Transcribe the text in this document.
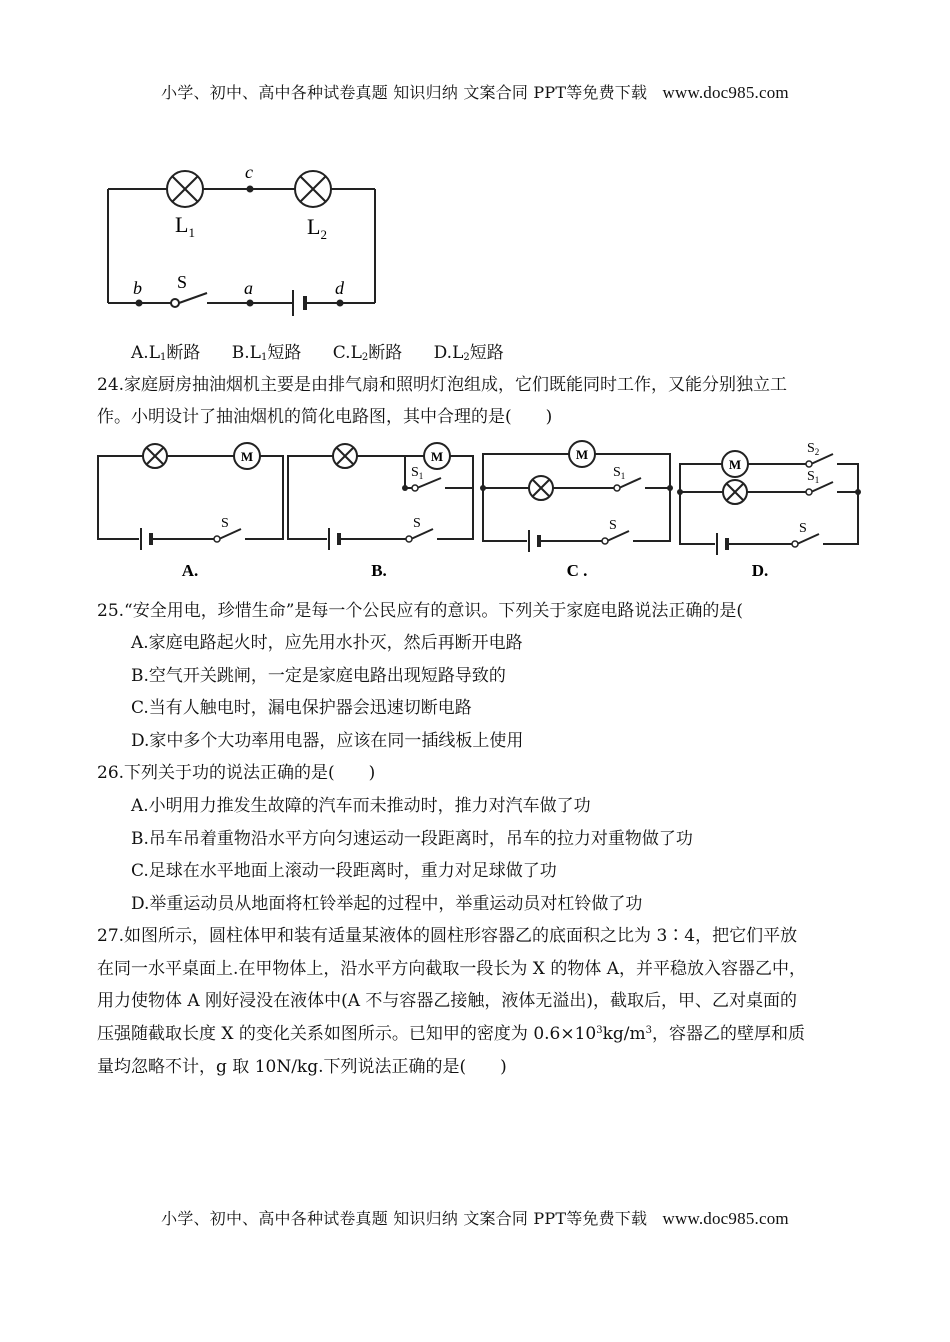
小学、初中、高中各种试卷真题 知识归纳 文案合同 PPT等免费下载 www.doc985.com
$L_1$	$L_2$
c
b	a	d
S
$A.L_1$断路 $B.L_1$短路 $C.L_2$断路 $D.L_2$短路
24.家庭厨房抽油烟机主要是由排气扇和照明灯泡组成，它们既能同时工作，又能分别独立工
作。小明设计了抽油烟机的简化电路图，其中合理的是(　　)
M	M	M
M
S	S	S	S
$S_1$	$S_1$	$S_1$
$S_2$
A.	B.	C .	D.
25.“安全用电，珍惜生命”是每一个公民应有的意识。下列关于家庭电路说法正确的是(
A.家庭电路起火时，应先用水扑灭，然后再断开电路
B.空气开关跳闸，一定是家庭电路出现短路导致的
C.当有人触电时，漏电保护器会迅速切断电路
D.家中多个大功率用电器，应该在同一插线板上使用
26.下列关于功的说法正确的是(　　)
A.小明用力推发生故障的汽车而未推动时，推力对汽车做了功
B.吊车吊着重物沿水平方向匀速运动一段距离时，吊车的拉力对重物做了功
C.足球在水平地面上滚动一段距离时，重力对足球做了功
D.举重运动员从地面将杠铃举起的过程中，举重运动员对杠铃做了功
27.如图所示，圆柱体甲和装有适量某液体的圆柱形容器乙的底面积之比为 3∶4，把它们平放
在同一水平桌面上.在甲物体上，沿水平方向截取一段长为 X 的物体 A，并平稳放入容器乙中，
用力使物体 A 刚好浸没在液体中(A 不与容器乙接触，液体无溢出)，截取后，甲、乙对桌面的
压强随截取长度 X 的变化关系如图所示。已知甲的密度为 $0.6\times 10^3kg/m^3$，容器乙的壁厚和质
量均忽略不计，g 取 10N/kg.下列说法正确的是(　　)
小学、初中、高中各种试卷真题 知识归纳 文案合同 PPT等免费下载 www.doc985.com
